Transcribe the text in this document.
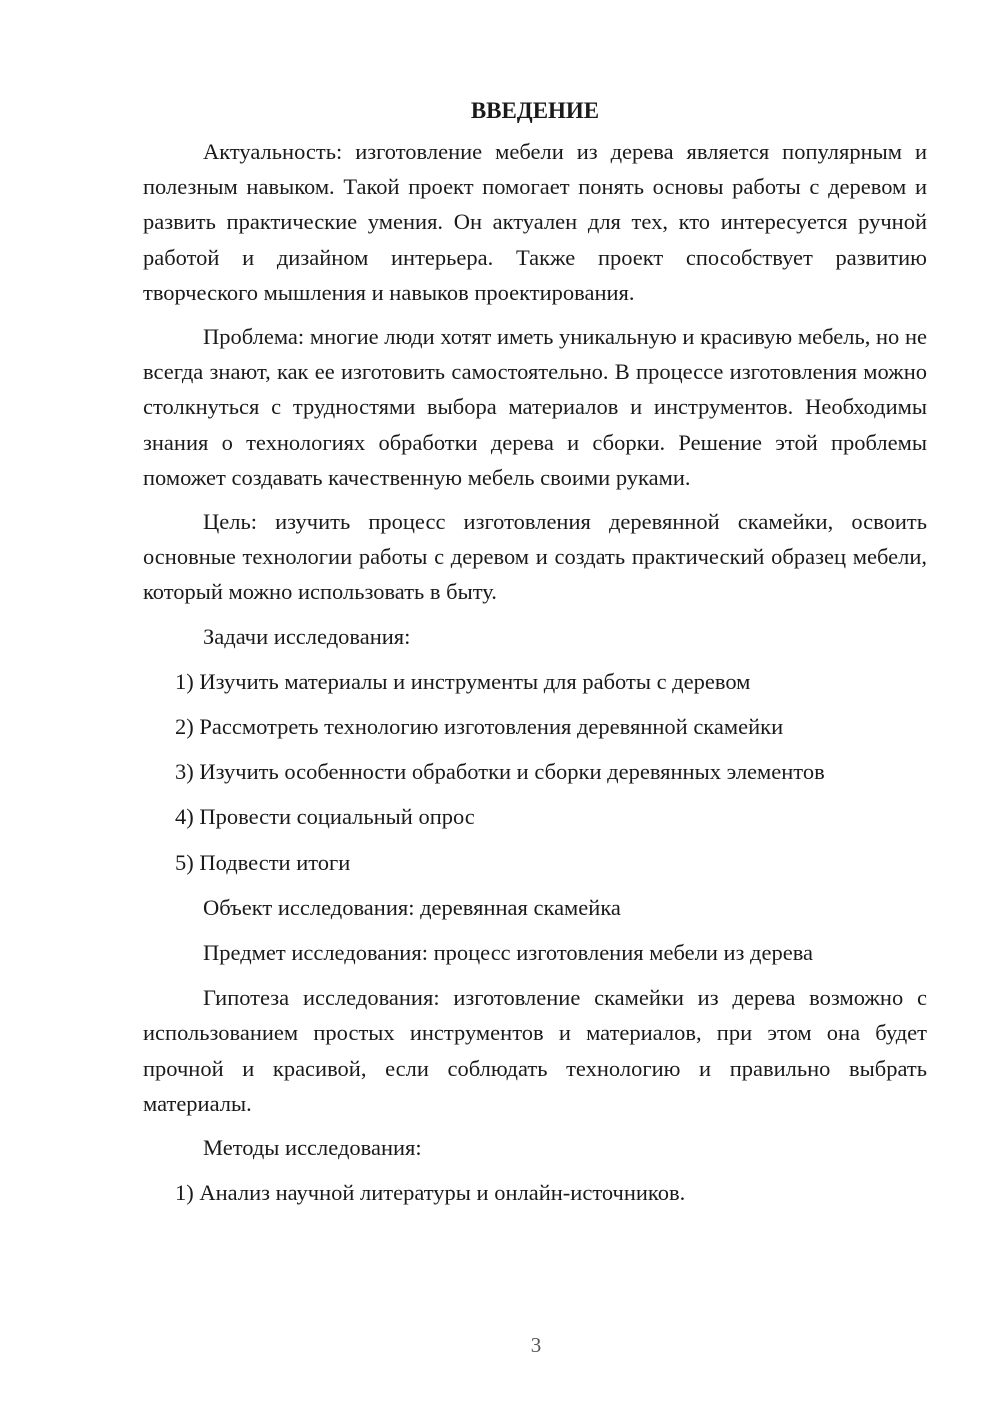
ВВЕДЕНИЕ

Актуальность: изготовление мебели из дерева является популярным и полезным навыком. Такой проект помогает понять основы работы с деревом и развить практические умения. Он актуален для тех, кто интересуется ручной работой и дизайном интерьера. Также проект способствует развитию творческого мышления и навыков проектирования.

Проблема: многие люди хотят иметь уникальную и красивую мебель, но не всегда знают, как ее изготовить самостоятельно. В процессе изготовления можно столкнуться с трудностями выбора материалов и инструментов. Необходимы знания о технологиях обработки дерева и сборки. Решение этой проблемы поможет создавать качественную мебель своими руками.

Цель: изучить процесс изготовления деревянной скамейки, освоить основные технологии работы с деревом и создать практический образец мебели, который можно использовать в быту.

Задачи исследования:
1) Изучить материалы и инструменты для работы с деревом
2) Рассмотреть технологию изготовления деревянной скамейки
3) Изучить особенности обработки и сборки деревянных элементов
4) Провести социальный опрос
5) Подвести итоги
Объект исследования: деревянная скамейка
Предмет исследования: процесс изготовления мебели из дерева

Гипотеза исследования: изготовление скамейки из дерева возможно с использованием простых инструментов и материалов, при этом она будет прочной и красивой, если соблюдать технологию и правильно выбрать материалы.

Методы исследования:
1) Анализ научной литературы и онлайн-источников.
3
